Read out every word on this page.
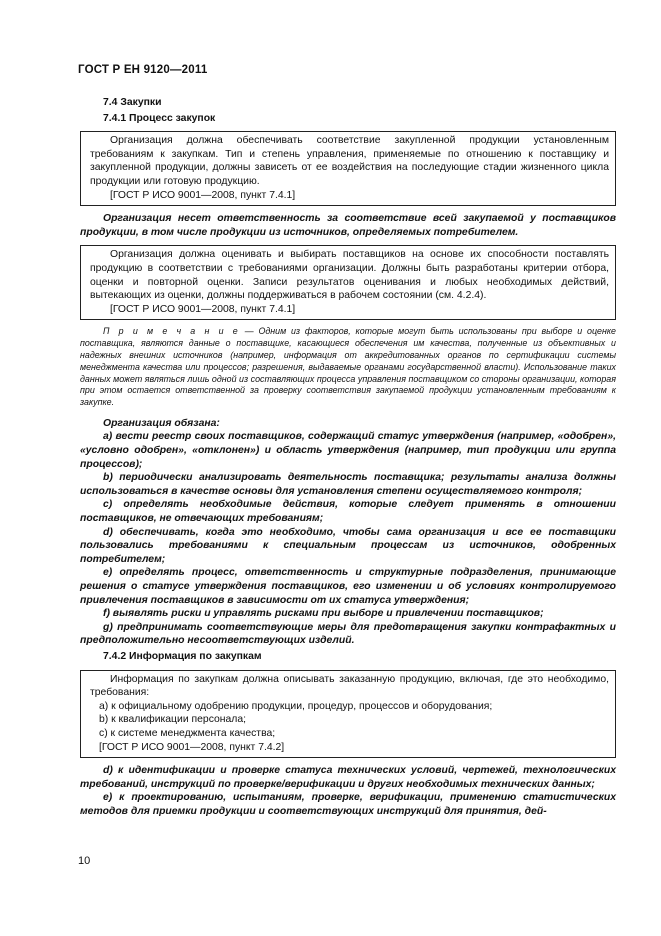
ГОСТ Р ЕН 9120—2011
7.4 Закупки
7.4.1 Процесс закупок

Организация должна обеспечивать соответствие закупленной продукции установленным требованиям к закупкам. Тип и степень управления, применяемые по отношению к поставщику и закупленной продукции, должны зависеть от ее воздействия на последующие стадии жизненного цикла продукции или готовую продукцию.

[ГОСТ Р ИСО 9001—2008, пункт 7.4.1]

Организация несет ответственность за соответствие всей закупаемой у поставщиков продукции, в том числе продукции из источников, определяемых потребителем.

Организация должна оценивать и выбирать поставщиков на основе их способности поставлять продукцию в соответствии с требованиями организации. Должны быть разработаны критерии отбора, оценки и повторной оценки. Записи результатов оценивания и любых необходимых действий, вытекающих из оценки, должны поддерживаться в рабочем состоянии (см. 4.2.4).

[ГОСТ Р ИСО 9001—2008, пункт 7.4.1]

П р и м е ч а н и е — Одним из факторов, которые могут быть использованы при выборе и оценке поставщика, являются данные о поставщике, касающиеся обеспечения им качества, полученные из объективных и надежных внешних источников (например, информация от аккредитованных органов по сертификации системы менеджмента качества или процессов; разрешения, выдаваемые органами государственной власти). Использование таких данных может являться лишь одной из составляющих процесса управления поставщиком со стороны организации, которая при этом остается ответственной за проверку соответствия закупаемой продукции установленным требованиям к закупке.

Организация обязана:

a) вести реестр своих поставщиков, содержащий статус утверждения (например, «одобрен», «условно одобрен», «отклонен») и область утверждения (например, тип продукции или группа процессов);

b) периодически анализировать деятельность поставщика; результаты анализа должны использоваться в качестве основы для установления степени осуществляемого контроля;

c) определять необходимые действия, которые следует применять в отношении поставщиков, не отвечающих требованиям;

d) обеспечивать, когда это необходимо, чтобы сама организация и все ее поставщики пользовались требованиями к специальным процессам из источников, одобренных потребителем;

e) определять процесс, ответственность и структурные подразделения, принимающие решения о статусе утверждения поставщиков, его изменении и об условиях контролируемого привлечения поставщиков в зависимости от их статуса утверждения;

f) выявлять риски и управлять рисками при выборе и привлечении поставщиков;

g) предпринимать соответствующие меры для предотвращения закупки контрафактных и предположительно несоответствующих изделий.

7.4.2 Информация по закупкам

Информация по закупкам должна описывать заказанную продукцию, включая, где это необходимо, требования:

a) к официальному одобрению продукции, процедур, процессов и оборудования;

b) к квалификации персонала;

c) к системе менеджмента качества;

[ГОСТ Р ИСО 9001—2008, пункт 7.4.2]

d) к идентификации и проверке статуса технических условий, чертежей, технологических требований, инструкций по проверке/верификации и других необходимых технических данных;

e) к проектированию, испытаниям, проверке, верификации, применению статистических методов для приемки продукции и соответствующих инструкций для принятия, дей-

10
